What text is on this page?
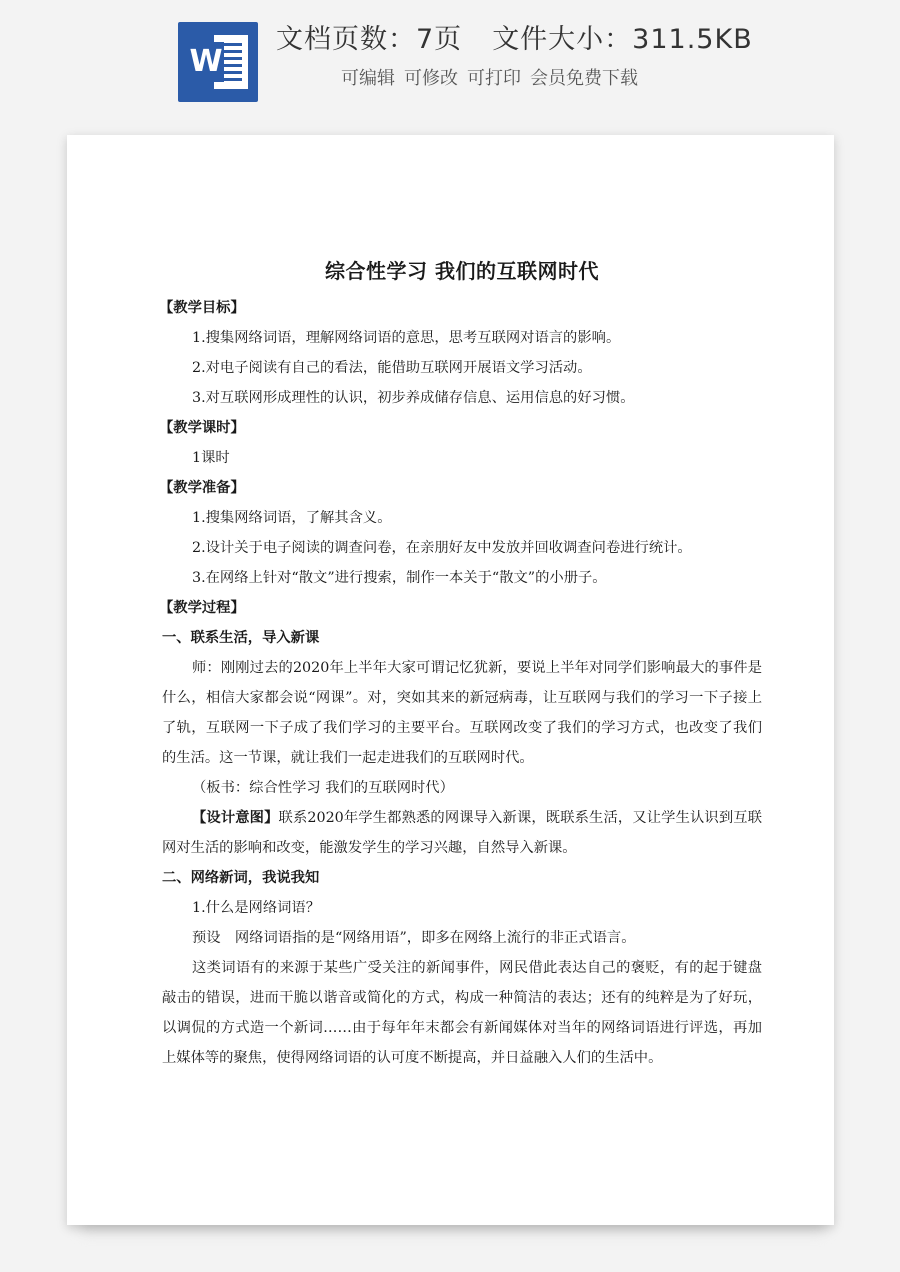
W
文档页数：7页 文件大小：311.5KB
可编辑 可修改 可打印 会员免费下载
综合性学习 我们的互联网时代
【教学目标】
1.搜集网络词语，理解网络词语的意思，思考互联网对语言的影响。
2.对电子阅读有自己的看法，能借助互联网开展语文学习活动。
3.对互联网形成理性的认识，初步养成储存信息、运用信息的好习惯。
【教学课时】
1课时
【教学准备】
1.搜集网络词语，了解其含义。
2.设计关于电子阅读的调查问卷，在亲朋好友中发放并回收调查问卷进行统计。
3.在网络上针对“散文”进行搜索，制作一本关于“散文”的小册子。
【教学过程】
一、联系生活，导入新课

师：刚刚过去的2020年上半年大家可谓记忆犹新，要说上半年对同学们影响最大的事件是什么，相信大家都会说“网课”。对，突如其来的新冠病毒，让互联网与我们的学习一下子接上了轨，互联网一下子成了我们学习的主要平台。互联网改变了我们的学习方式，也改变了我们的生活。这一节课，就让我们一起走进我们的互联网时代。

（板书：综合性学习 我们的互联网时代）

【设计意图】联系2020年学生都熟悉的网课导入新课，既联系生活，又让学生认识到互联网对生活的影响和改变，能激发学生的学习兴趣，自然导入新课。

二、网络新词，我说我知
1.什么是网络词语？
预设　网络词语指的是“网络用语”，即多在网络上流行的非正式语言。

这类词语有的来源于某些广受关注的新闻事件，网民借此表达自己的褒贬，有的起于键盘敲击的错误，进而干脆以谐音或简化的方式，构成一种简洁的表达；还有的纯粹是为了好玩，以调侃的方式造一个新词……由于每年年末都会有新闻媒体对当年的网络词语进行评选，再加上媒体等的聚焦，使得网络词语的认可度不断提高，并日益融入人们的生活中。
